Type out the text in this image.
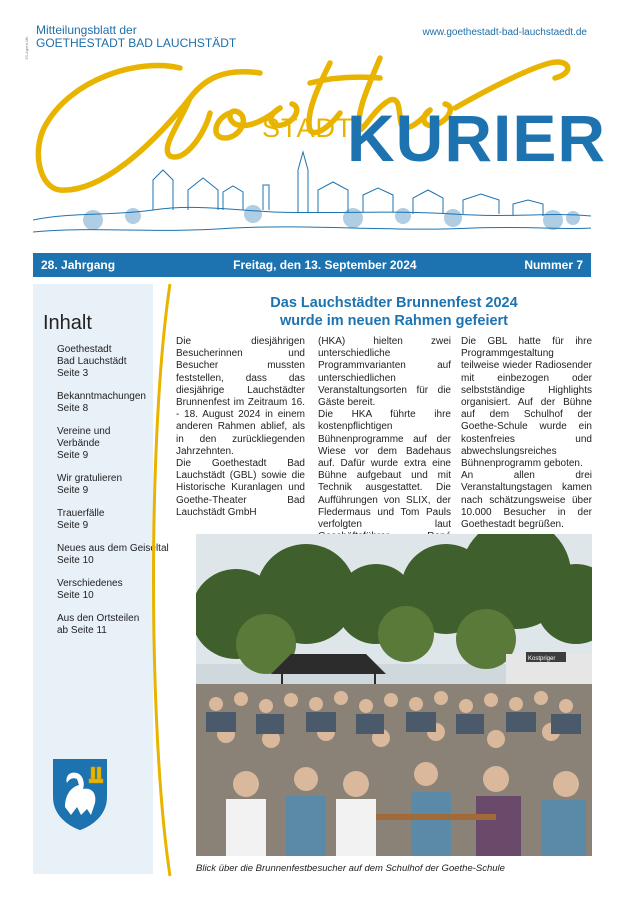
1S-Agent-Mit
Mitteilungsblatt der
GOETHESTADT BAD LAUCHSTÄDT
www.goethestadt-bad-lauchstaedt.de
STADT
KURIER
28. Jahrgang	Freitag, den 13. September 2024	Nummer 7
Inhalt
Goethestadt
Bad Lauchstädt
Seite 3
Bekanntmachungen
Seite 8
Vereine und
Verbände
Seite 9
Wir gratulieren
Seite 9
Trauerfälle
Seite 9
Neues aus dem Geiseltal
Seite 10
Verschiedenes
Seite 10
Aus den Ortsteilen
ab Seite 11
Das Lauchstädter Brunnenfest 2024
wurde im neuen Rahmen gefeiert

Die diesjährigen Besucherinnen und Besucher mussten feststellen, dass das diesjährige Lauchstädter Brunnenfest im Zeitraum 16. - 18. August 2024 in einem anderen Rahmen ablief, als in den zurückliegenden Jahrzehnten.

Die Goethestadt Bad Lauchstädt (GBL) sowie die Historische Kuranlagen und Goethe-Theater Bad Lauchstädt GmbH

(HKA) hielten zwei unterschiedliche Programmvarianten auf unterschiedlichen Veranstaltungsorten für die Gäste bereit.

Die HKA führte ihre kostenpflichtigen Bühnenprogramme auf der Wiese vor dem Badehaus auf. Dafür wurde extra eine Bühne aufgebaut und mit Technik ausgestattet. Die Aufführungen von SLIX, der Fledermaus und Tom Pauls verfolgten laut

Die GBL hatte für ihre Programmgestaltung teilweise wieder Radiosender mit einbezogen oder selbstständige Highlights organisiert. Auf der Bühne auf dem Schulhof der Goethe-Schule wurde ein kostenfreies und abwechslungsreiches Bühnenprogramm geboten.

An allen drei Veranstaltungstagen kamen nach schätzungsweise über 10.000 Besucher in der Goethestadt begrüßen.

Kostpriger
Blick über die Brunnenfestbesucher auf dem Schulhof der Goethe-Schule
